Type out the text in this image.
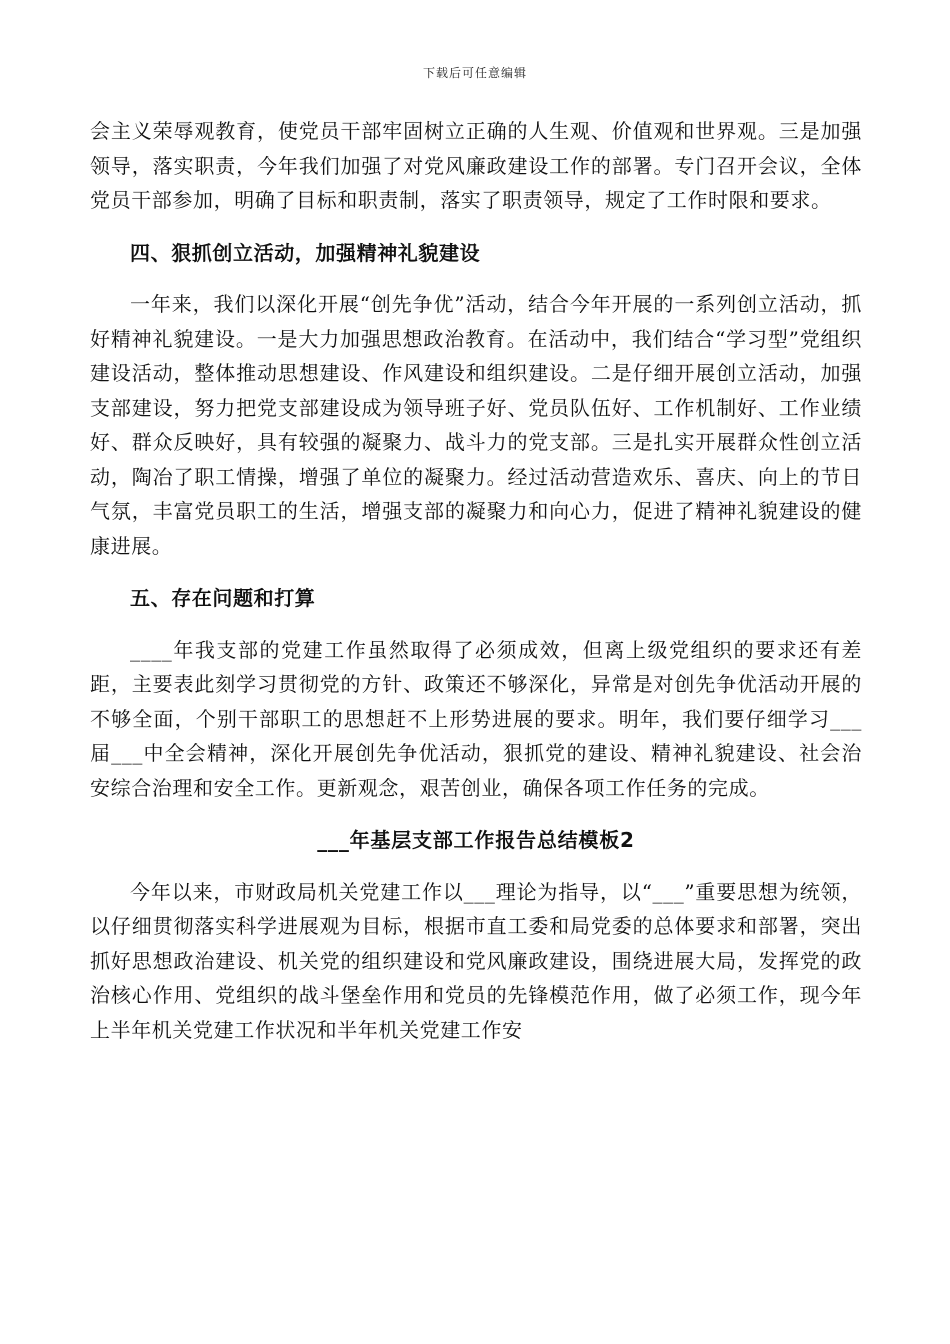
下载后可任意编辑

会主义荣辱观教育，使党员干部牢固树立正确的人生观、价值观和世界观。三是加强领导，落实职责，今年我们加强了对党风廉政建设工作的部署。专门召开会议，全体党员干部参加，明确了目标和职责制，落实了职责领导，规定了工作时限和要求。

四、狠抓创立活动，加强精神礼貌建设

一年来，我们以深化开展“创先争优”活动，结合今年开展的一系列创立活动，抓好精神礼貌建设。一是大力加强思想政治教育。在活动中，我们结合“学习型”党组织建设活动，整体推动思想建设、作风建设和组织建设。二是仔细开展创立活动，加强支部建设，努力把党支部建设成为领导班子好、党员队伍好、工作机制好、工作业绩好、群众反映好，具有较强的凝聚力、战斗力的党支部。三是扎实开展群众性创立活动，陶冶了职工情操，增强了单位的凝聚力。经过活动营造欢乐、喜庆、向上的节日气氛，丰富党员职工的生活，增强支部的凝聚力和向心力，促进了精神礼貌建设的健康进展。

五、存在问题和打算

____年我支部的党建工作虽然取得了必须成效，但离上级党组织的要求还有差距，主要表此刻学习贯彻党的方针、政策还不够深化，异常是对创先争优活动开展的不够全面，个别干部职工的思想赶不上形势进展的要求。明年，我们要仔细学习___届___中全会精神，深化开展创先争优活动，狠抓党的建设、精神礼貌建设、社会治安综合治理和安全工作。更新观念，艰苦创业，确保各项工作任务的完成。

___年基层支部工作报告总结模板2

今年以来，市财政局机关党建工作以___理论为指导，以“___”重要思想为统领，以仔细贯彻落实科学进展观为目标，根据市直工委和局党委的总体要求和部署，突出抓好思想政治建设、机关党的组织建设和党风廉政建设，围绕进展大局，发挥党的政治核心作用、党组织的战斗堡垒作用和党员的先锋模范作用，做了必须工作，现今年上半年机关党建工作状况和半年机关党建工作安
